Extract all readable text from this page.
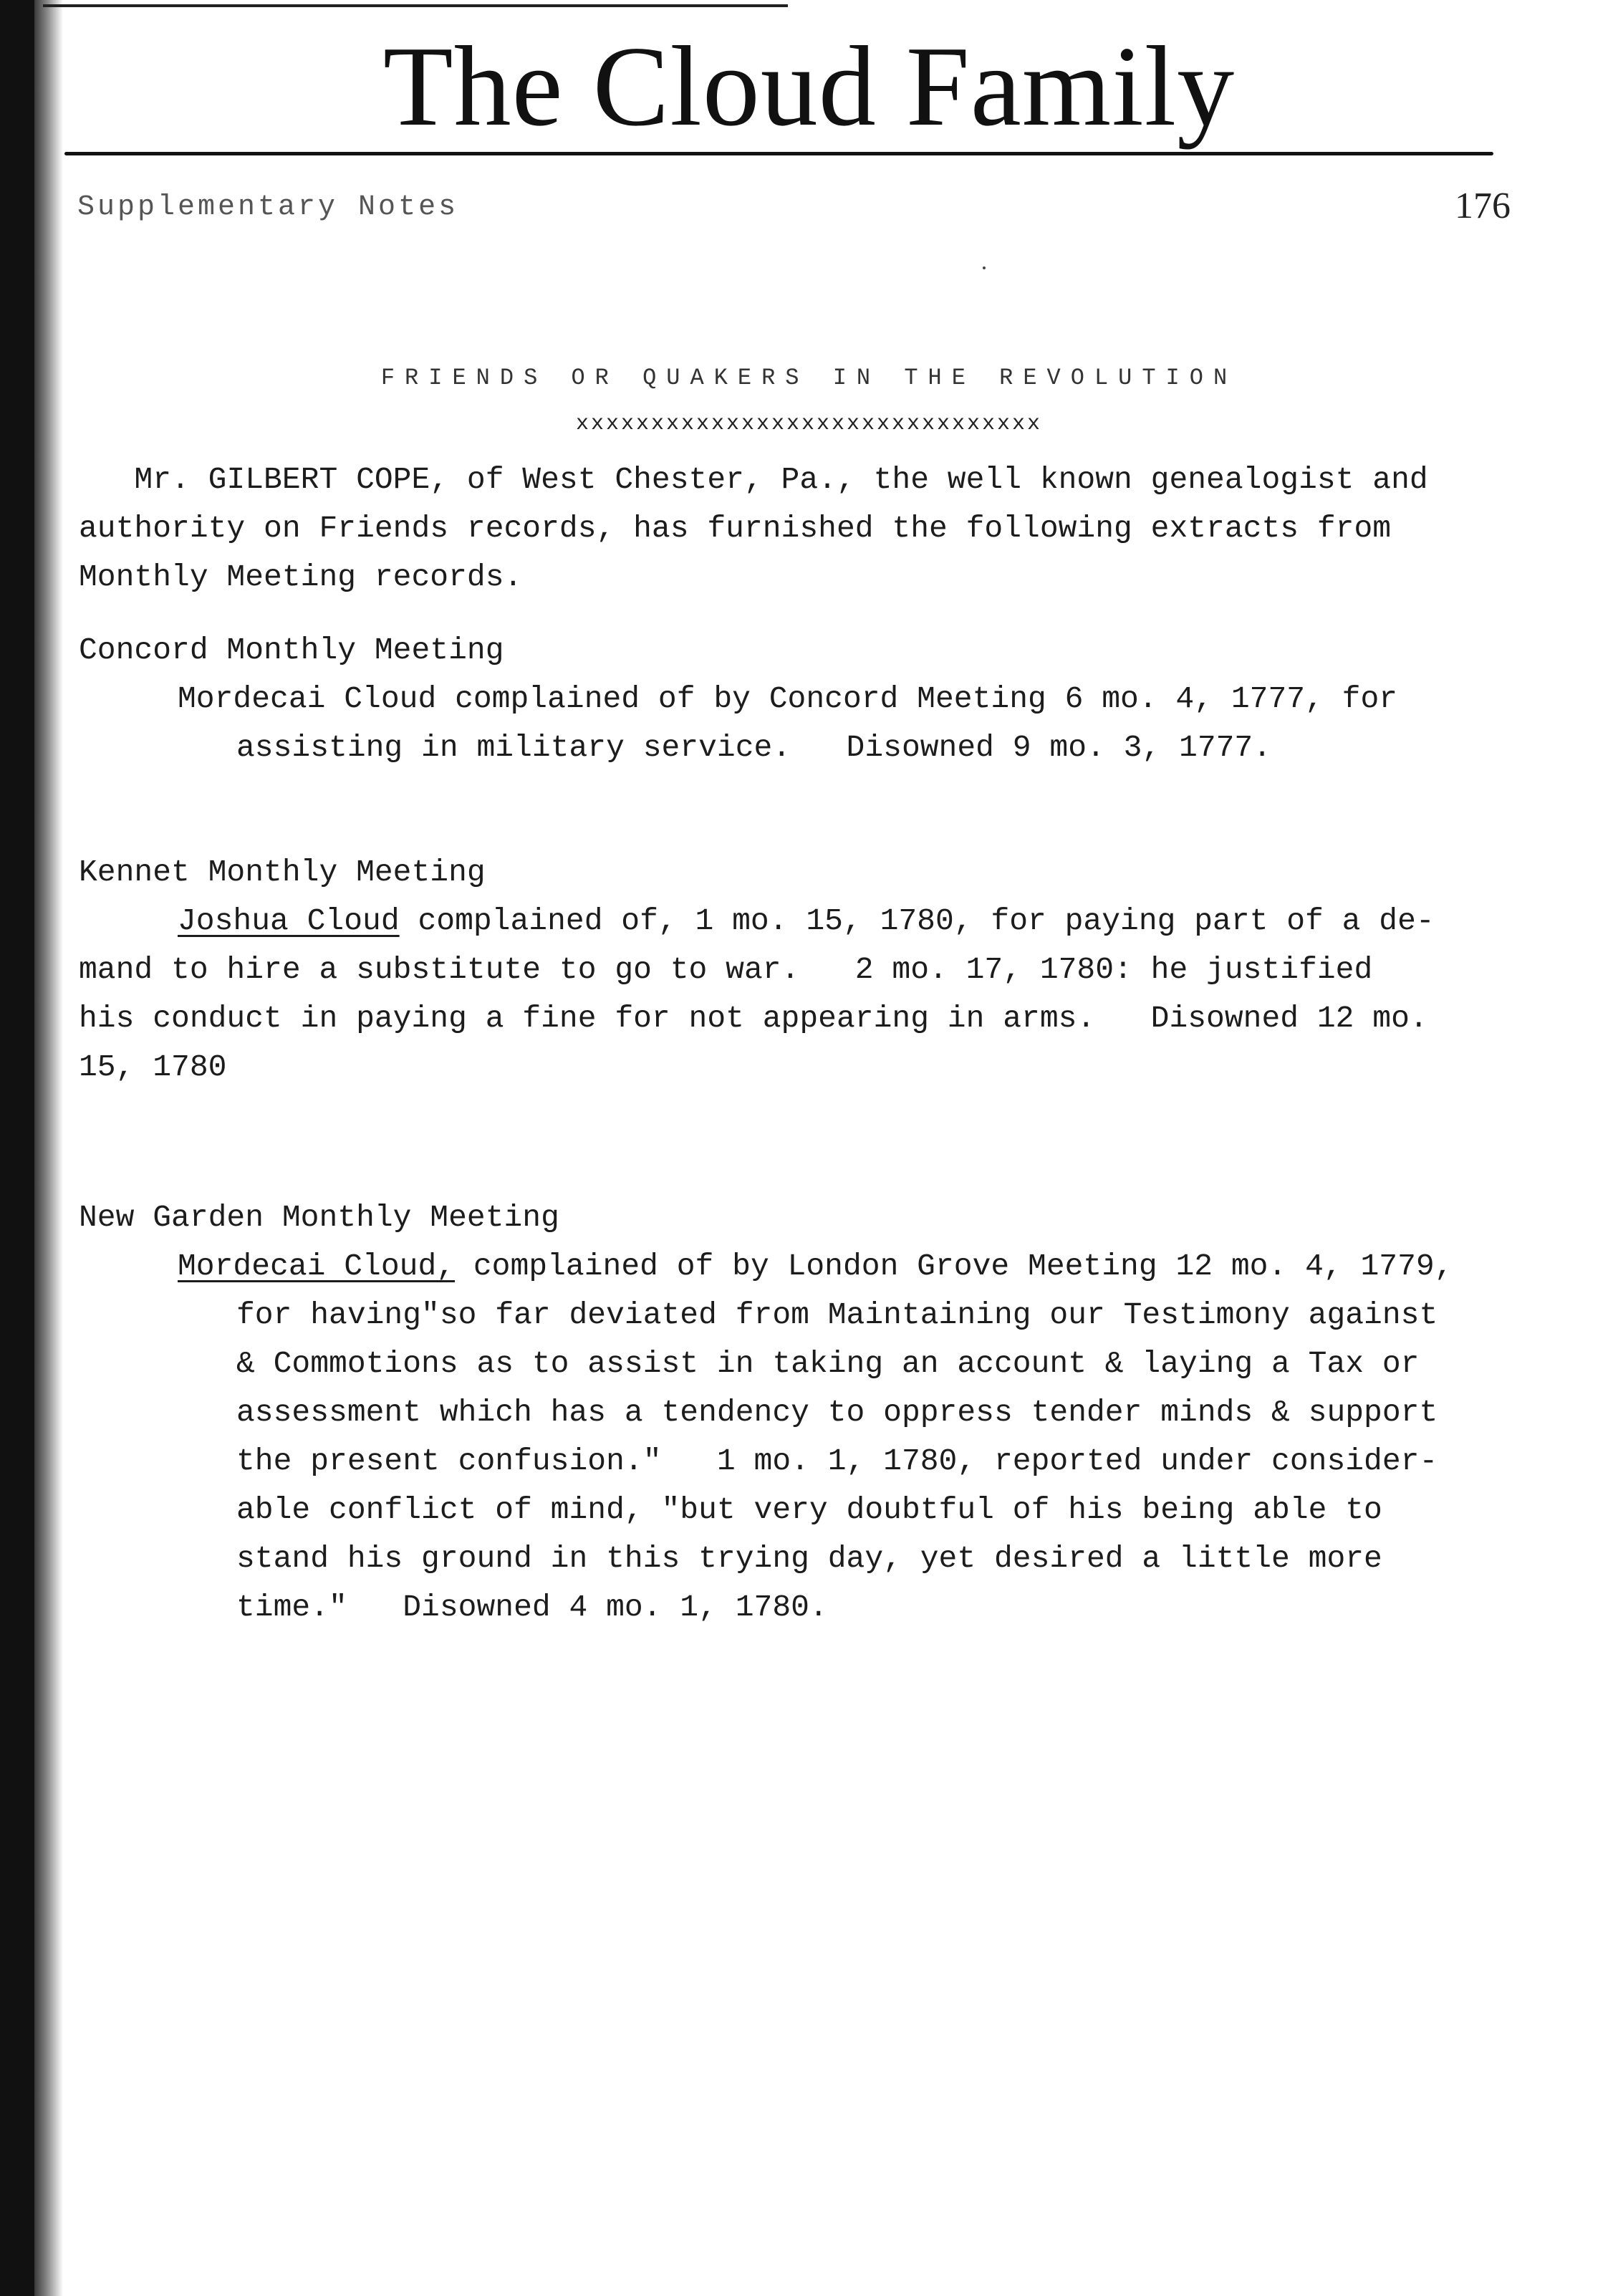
The Cloud Family
Supplementary Notes	176
FRIENDS OR QUAKERS IN THE REVOLUTION
xxxxxxxxxxxxxxxxxxxxxxxxxxxxxxx
Mr. GILBERT COPE, of West Chester, Pa., the well known genealogist and
authority on Friends records, has furnished the following extracts from
Monthly Meeting records.
Concord Monthly Meeting
Mordecai Cloud complained of by Concord Meeting 6 mo. 4, 1777, for
assisting in military service.   Disowned 9 mo. 3, 1777.
Kennet Monthly Meeting
Joshua Cloud complained of, 1 mo. 15, 1780, for paying part of a de-
mand to hire a substitute to go to war.   2 mo. 17, 1780: he justified
his conduct in paying a fine for not appearing in arms.   Disowned 12 mo.
15, 1780
New Garden Monthly Meeting
Mordecai Cloud, complained of by London Grove Meeting 12 mo. 4, 1779,
for having"so far deviated from Maintaining our Testimony against
& Commotions as to assist in taking an account & laying a Tax or
assessment which has a tendency to oppress tender minds & support
the present confusion."   1 mo. 1, 1780, reported under consider-
able conflict of mind, "but very doubtful of his being able to
stand his ground in this trying day, yet desired a little more
time."   Disowned 4 mo. 1, 1780.
